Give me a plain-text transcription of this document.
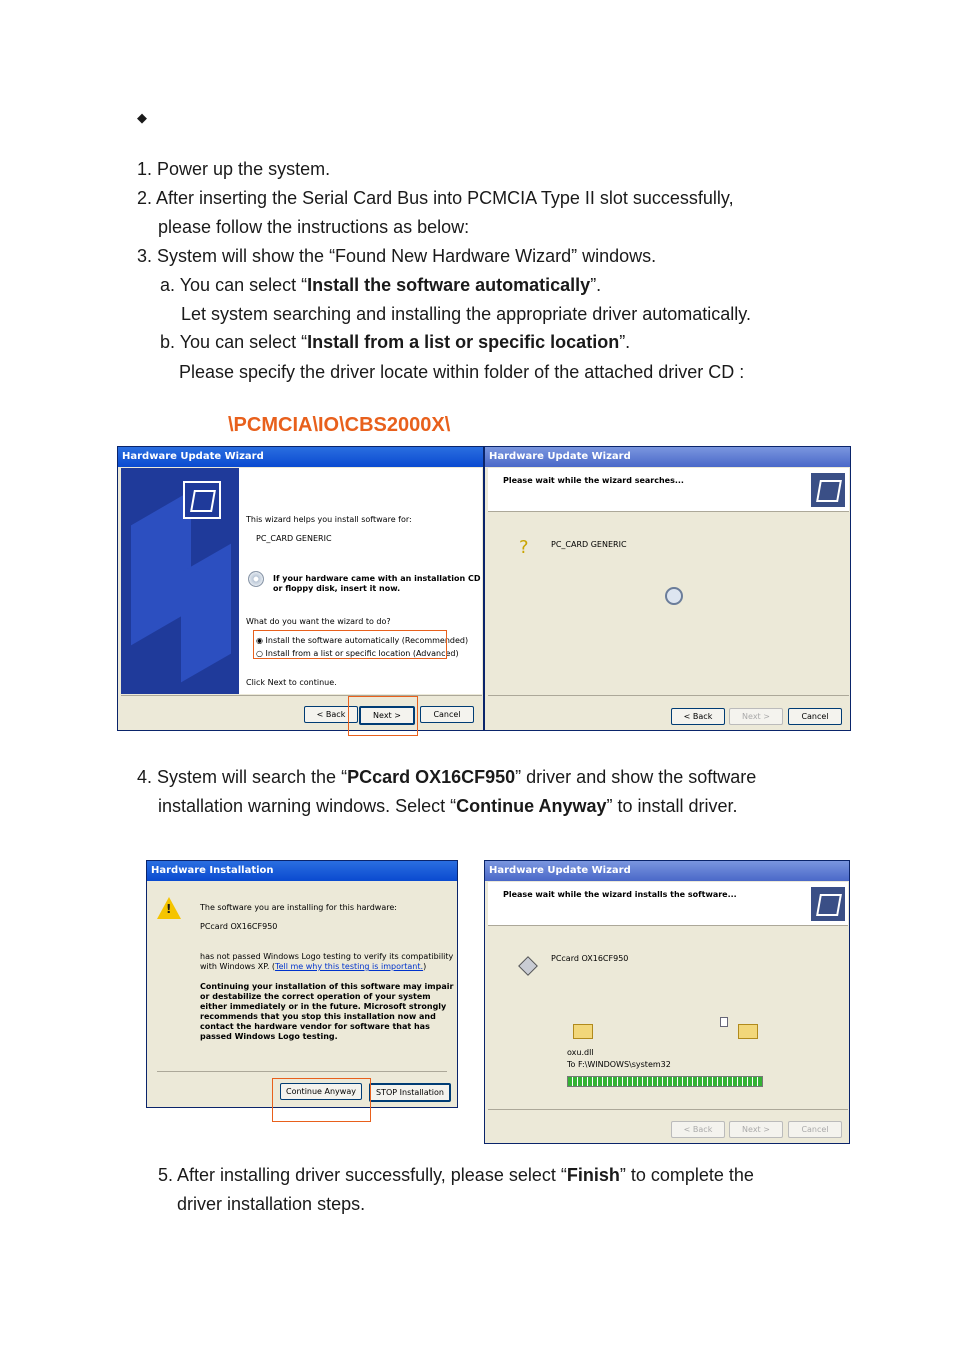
◆
1. Power up the system.
2. After inserting the Serial Card Bus into PCMCIA Type II slot successfully,
please follow the instructions as below:
3. System will show the “Found New Hardware Wizard” windows.
a. You can select “Install the software automatically”.
Let system searching and installing the appropriate driver automatically.
b. You can select “Install from a list or specific location”.
Please specify the driver locate within folder of the attached driver CD :
\PCMCIA\IO\CBS2000X\
Hardware Update Wizard
This wizard helps you install software for:
PC_CARD GENERIC
If your hardware came with an installation CD
or floppy disk, insert it now.
What do you want the wizard to do?
◉ Install the software automatically (Recommended)
○ Install from a list or specific location (Advanced)
Click Next to continue.
< Back	Next >	Cancel
Hardware Update Wizard
Please wait while the wizard searches...
?	PC_CARD GENERIC
< Back	Next >	Cancel
4. System will search the “PCcard OX16CF950” driver and show the software
installation warning windows. Select “Continue Anyway” to install driver.
Hardware Installation
!	The software you are installing for this hardware:
PCcard OX16CF950
has not passed Windows Logo testing to verify its compatibility
with Windows XP. (Tell me why this testing is important.)
Continuing your installation of this software may impair
or destabilize the correct operation of your system
either immediately or in the future. Microsoft strongly
recommends that you stop this installation now and
contact the hardware vendor for software that has
passed Windows Logo testing.
Continue Anyway	STOP Installation
Hardware Update Wizard
Please wait while the wizard installs the software...
PCcard OX16CF950
oxu.dll
To F:\WINDOWS\system32
< Back	Next >	Cancel
5. After installing driver successfully, please select “Finish” to complete the
driver installation steps.
